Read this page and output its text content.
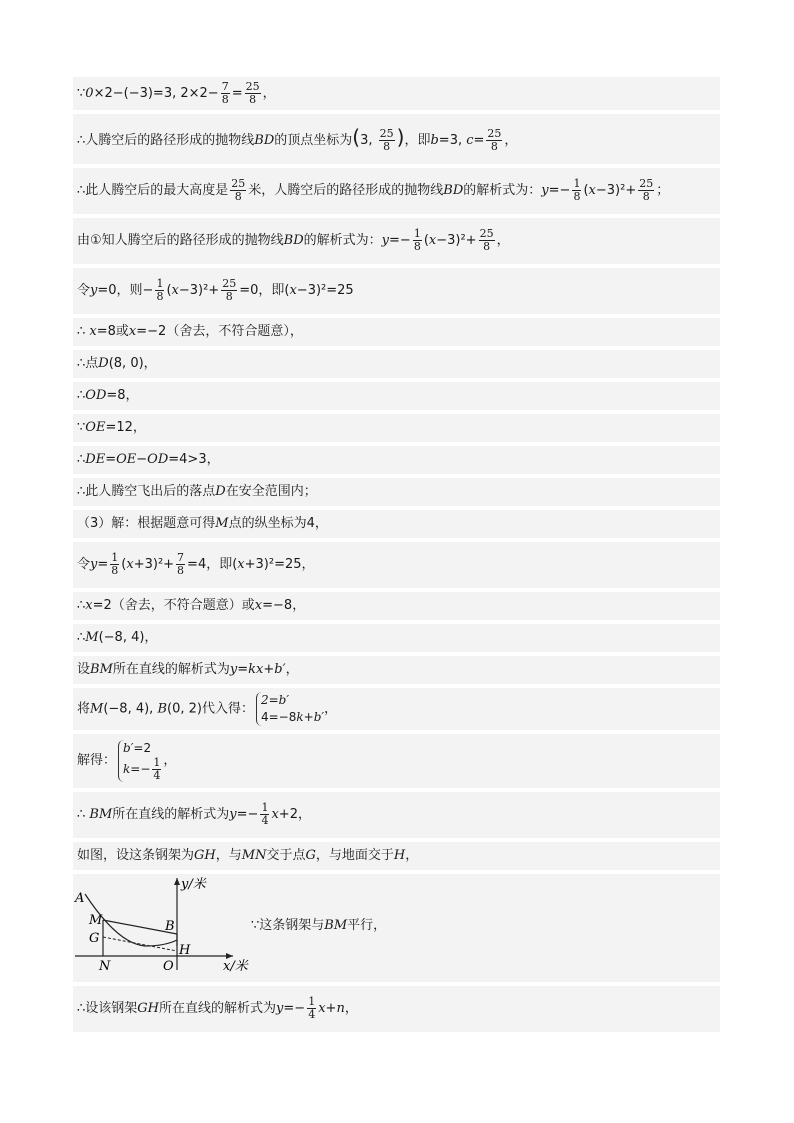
∵0×2−(−3)=3, $2\times 2- \frac{7}{8} = \frac{25}{8}$ ，
∴人腾空后的路径形成的抛物线BD的顶点坐标为(3, $\frac{25}{8}$ )，即b=3, $c= \frac{25}{8}$ ，
∴此人腾空后的最大高度是 $\frac{25}{8}$ 米，人腾空后的路径形成的抛物线BD的解析式为：$y=- \frac{1}{8} (x-3)^2+ \frac{25}{8}$ ；
由①知人腾空后的路径形成的抛物线BD的解析式为：$y=- \frac{1}{8} (x-3)^2+ \frac{25}{8}$ ，
令y=0，则− $\frac{1}{8} (x-3)^2+ \frac{25}{8} =0$，即(x−3)²=25
∴ x=8或x=−2（舍去，不符合题意），
∴点D(8, 0)，
∴OD=8，
∵OE=12，
∴DE=OE−OD=4>3，
∴此人腾空飞出后的落点D在安全范围内；
（3）解：根据题意可得M点的纵坐标为4，
令$y= \frac{1}{8} (x+3)^2+ \frac{7}{8} =4$，即(x+3)²=25，
∴x=2（舍去，不符合题意）或x=−8，
∴M(−8, 4)，
设BM所在直线的解析式为y=kx+b′，
将M(−8, 4), B(0, 2)代入得：2=b′
4=−8k+b′，
解得：b′=2
$k=- \frac{1}{4}$ ，
∴ BM所在直线的解析式为$y=- \frac{1}{4} x+2$，
如图，设这条钢架为GH，与MN交于点G，与地面交于H，
A
M
G
N	O
B
H
y/米
x/米
∵这条钢架与BM平行，
∴设该钢架GH所在直线的解析式为$y=- \frac{1}{4} x+n$，
